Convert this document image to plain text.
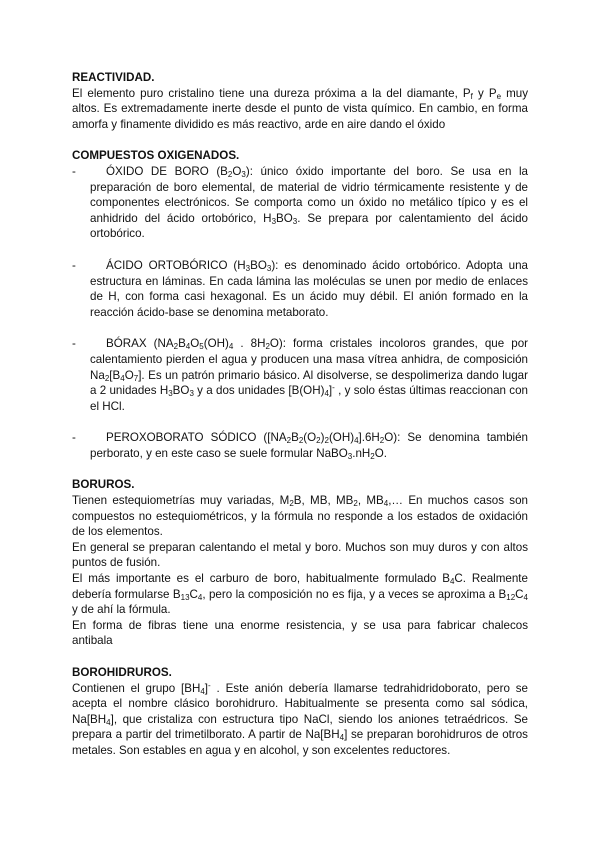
REACTIVIDAD.

El elemento puro cristalino tiene una dureza próxima a la del diamante, $P_f$ y $P_e$ muy altos. Es extremadamente inerte desde el punto de vista químico. En cambio, en forma amorfa y finamente dividido es más reactivo, arde en aire dando el óxido

COMPUESTOS OXIGENADOS.

-	ÓXIDO DE BORO $(B_2O_3)$: único óxido importante del boro. Se usa en la preparación de boro elemental, de material de vidrio térmicamente resistente y de componentes electrónicos. Se comporta como un óxido no metálico típico y es el anhidrido del ácido ortobórico, $H_3BO_3$. Se prepara por calentamiento del ácido ortobórico.

-	ÁCIDO ORTOBÓRICO $(H_3BO_3)$: es denominado ácido ortobórico. Adopta una estructura en láminas. En cada lámina las moléculas se unen por medio de enlaces de H, con forma casi hexagonal. Es un ácido muy débil. El anión formado en la reacción ácido-base se denomina metaborato.

-	BÓRAX ($NA_2B_4O_5(OH)_4$ . $8H_2O$): forma cristales incoloros grandes, que por calentamiento pierden el agua y producen una masa vítrea anhidra, de composición $Na_2[B_4O_7]$. Es un patrón primario básico. Al disolverse, se despolimeriza dando lugar a 2 unidades $H_3BO_3$ y a dos unidades $[B(OH)_4]^-$ , y solo éstas últimas reaccionan con el HCl.

-	PEROXOBORATO SÓDICO $([NA_2B_2(O_2)_2(OH)_4].6H_2O)$: Se denomina también perborato, y en este caso se suele formular $NaBO_3.nH_2O$.

BORUROS.

Tienen estequiometrías muy variadas, $M_2B$, MB, $MB_2$, $MB_4,\dots$ En muchos casos son compuestos no estequiométricos, y la fórmula no responde a los estados de oxidación de los elementos.

En general se preparan calentando el metal y boro. Muchos son muy duros y con altos puntos de fusión.

El más importante es el carburo de boro, habitualmente formulado $B_4C$. Realmente debería formularse $B_{13}C_4$, pero la composición no es fija, y a veces se aproxima a $B_{12}C_4$ y de ahí la fórmula.

En forma de fibras tiene una enorme resistencia, y se usa para fabricar chalecos antibala

BOROHIDRUROS.

Contienen el grupo $[BH_4]^-$ . Este anión debería llamarse tedrahidridoborato, pero se acepta el nombre clásico borohidruro. Habitualmente se presenta como sal sódica, $Na[BH_4]$, que cristaliza con estructura tipo NaCl, siendo los aniones tetraédricos. Se prepara a partir del trimetilborato. A partir de $Na[BH_4]$ se preparan borohidruros de otros metales. Son estables en agua y en alcohol, y son excelentes reductores.
